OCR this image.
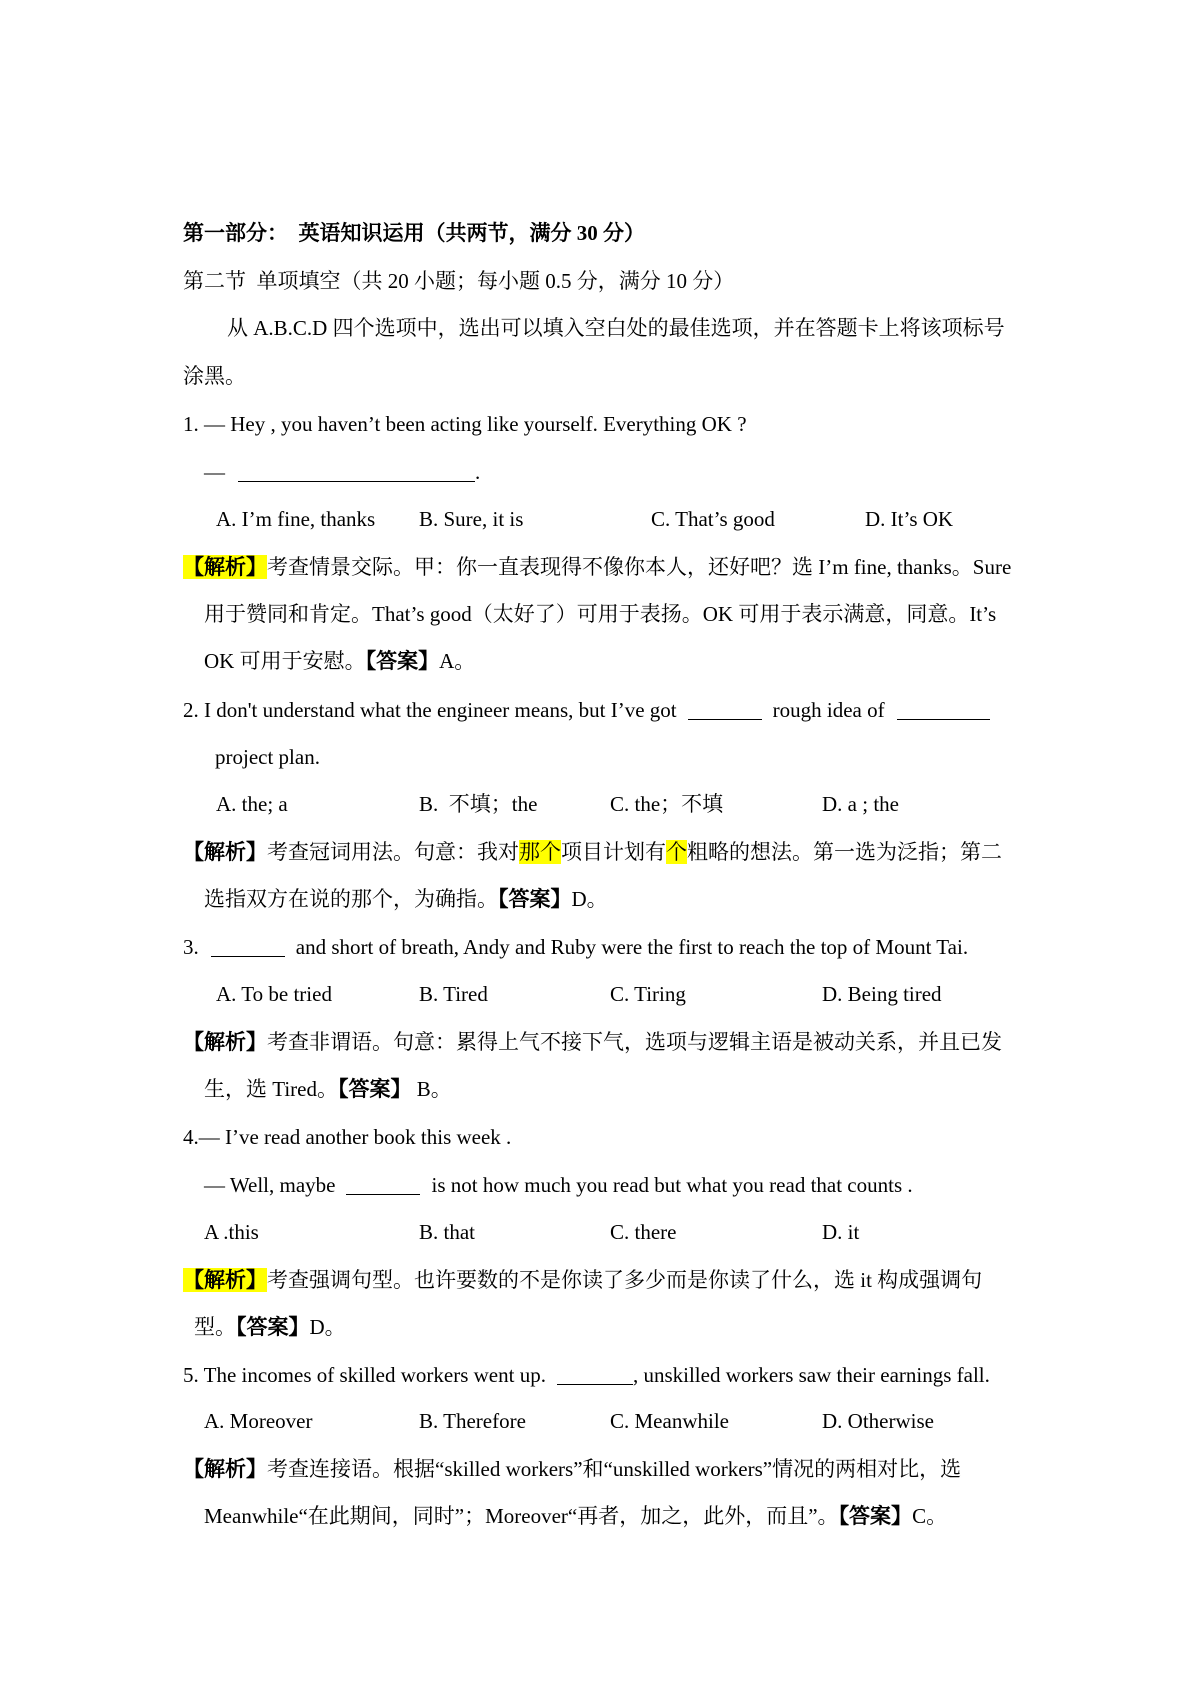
第一部分：  英语知识运用（共两节，满分 30 分）
第二节  单项填空（共 20 小题；每小题 0.5 分，满分 10 分）
从 A.B.C.D 四个选项中，选出可以填入空白处的最佳选项，并在答题卡上将该项标号
涂黑。
1. — Hey , you haven’t been acting like yourself. Everything OK ?
—	.
A. I’m fine, thanks B. Sure, it is	C. That’s good	D. It’s OK
【解析】考查情景交际。甲：你一直表现得不像你本人，还好吧？选 I’m fine, thanks。Sure
用于赞同和肯定。That’s good（太好了）可用于表扬。OK 可用于表示满意，同意。It’s
OK 可用于安慰。【答案】A。
2. I don't understand what the engineer means, but I’ve got	rough idea of
project plan.
A. the; a	B.  不填；the	C. the；不填	D. a ; the
【解析】考查冠词用法。句意：我对那个项目计划有个粗略的想法。第一选为泛指；第二
选指双方在说的那个，为确指。【答案】D。
3.	and short of breath, Andy and Ruby were the first to reach the top of Mount Tai.
A. To be tried	B. Tired	C. Tiring	D. Being tired
【解析】考查非谓语。句意：累得上气不接下气，选项与逻辑主语是被动关系，并且已发
生，选 Tired。【答案】 B。
4.— I’ve read another book this week .
— Well, maybe	is not how much you read but what you read that counts .
A .this	B. that	C. there	D. it
【解析】考查强调句型。也许要数的不是你读了多少而是你读了什么，选 it 构成强调句
型。【答案】D。
5. The incomes of skilled workers went up.	, unskilled workers saw their earnings fall.
A. Moreover	B. Therefore	C. Meanwhile	D. Otherwise
【解析】考查连接语。根据“skilled workers”和“unskilled workers”情况的两相对比，选
Meanwhile“在此期间，同时”；Moreover“再者，加之，此外，而且”。【答案】C。
